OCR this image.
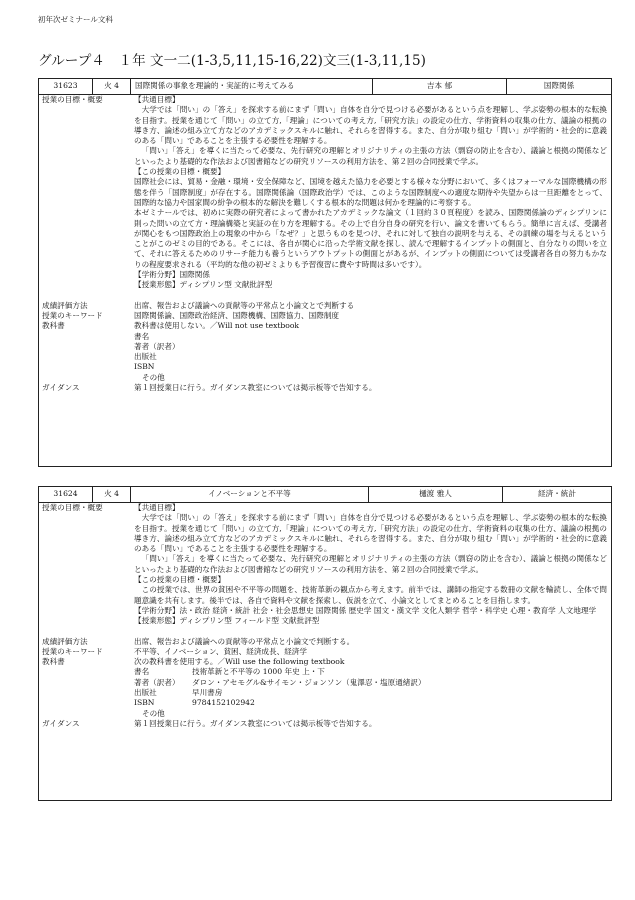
初年次ゼミナール文科
グループ４　１年 文一二(1-3,5,11,15-16,22)文三(1-3,11,15)
31623	火 4	国際関係の事象を理論的・実証的に考えてみる	吉本 郁	国際関係
授業の目標・概要	【共通目標】
大学では「問い」の「答え」を探求する前にまず「問い」自体を自分で見つける必要があるという点を理解し、学ぶ姿勢の根本的な転換を目指す。授業を通じて「問い」の立て方,「理論」についての考え方,「研究方法」の設定の仕方、学術資料の収集の仕方、議論の根拠の導き方、論述の組み立て方などのアカデミックスキルに触れ、それらを習得する。また、自分が取り組む「問い」が学術的・社会的に意義のある「問い」であることを主張する必要性を理解する。
「問い」「答え」を導くに当たって必要な、先行研究の理解とオリジナリティの主張の方法（剽窃の防止を含む）、議論と根拠の関係などといったより基礎的な作法および図書館などの研究リソースの利用方法を、第２回の合同授業で学ぶ。
【この授業の目標・概要】
国際社会には、貿易・金融・環境・安全保障など、国境を越えた協力を必要とする様々な分野において、多くはフォーマルな国際機構の形態を伴う「国際制度」が存在する。国際関係論（国際政治学）では、このような国際制度への適度な期待や失望からは一旦距離をとって、国際的な協力や国家間の紛争の根本的な解決を難しくする根本的な問題は何かを理論的に考察する。
本ゼミナールでは、初めに実際の研究者によって書かれたアカデミックな論文（１回約３０頁程度）を読み、国際関係論のディシプリンに則った問いの立て方・理論構築と実証の在り方を理解する。その上で自分自身の研究を行い、論文を書いてもらう。簡単に言えば、受講者が関心をもつ国際政治上の現象の中から「なぜ？」と思うものを見つけ、それに対して独自の説明を与える、その訓練の場を与えるということがこのゼミの目的である。そこには、各自が関心に沿った学術文献を探し、読んで理解するインプットの側面と、自分なりの問いを立て、それに答えるためのリサーチ能力も養うというアウトプットの側面とがあるが、インプットの側面については受講者各自の努力もかなりの程度要求される（平均的な他の初ゼミよりも予習復習に費やす時間は多いです）。
【学術分野】国際関係
【授業形態】ディシプリン型 文献批評型
成績評価方法	出席、報告および議論への貢献等の平常点と小論文とで判断する
授業のキーワード	国際関係論、国際政治経済、国際機構、国際協力、国際制度
教科書	教科書は使用しない。／Will not use textbook
書名
著者（訳者）
出版社
ISBN
その他
ガイダンス	第１回授業日に行う。ガイダンス教室については掲示板等で告知する。
31624	火 4	イノベーションと不平等	樋渡 雅人	経済・統計
授業の目標・概要	【共通目標】
大学では「問い」の「答え」を探求する前にまず「問い」自体を自分で見つける必要があるという点を理解し、学ぶ姿勢の根本的な転換を目指す。授業を通じて「問い」の立て方,「理論」についての考え方,「研究方法」の設定の仕方、学術資料の収集の仕方、議論の根拠の導き方、論述の組み立て方などのアカデミックスキルに触れ、それらを習得する。また、自分が取り組む「問い」が学術的・社会的に意義のある「問い」であることを主張する必要性を理解する。
「問い」「答え」を導くに当たって必要な、先行研究の理解とオリジナリティの主張の方法（剽窃の防止を含む）、議論と根拠の関係などといったより基礎的な作法および図書館などの研究リソースの利用方法を、第２回の合同授業で学ぶ。
【この授業の目標・概要】
この授業では、世界の貧困や不平等の問題を、技術革新の観点から考えます。前半では、講師の指定する数冊の文献を輪読し、全体で問題意識を共有します。後半では、各自で資料や文献を探索し、仮説を立て、小論文としてまとめることを目指します。
【学術分野】法・政治 経済・統計 社会・社会思想史 国際関係 歴史学 国文・漢文学 文化人類学 哲学・科学史 心理・教育学 人文地理学
【授業形態】ディシプリン型 フィールド型 文献批評型
成績評価方法	出席、報告および議論への貢献等の平常点と小論文で判断する。
授業のキーワード	不平等、イノベーション、貧困、経済成長、経済学
教科書	次の教科書を使用する。／Will use the following textbook
書名	技術革新と不平等の 1000 年史 上・下
著者（訳者）	ダロン・アセモグル&サイモン・ジョンソン（鬼澤忍・塩原通緒訳）
出版社	早川書房
ISBN	9784152102942
その他
ガイダンス	第１回授業日に行う。ガイダンス教室については掲示板等で告知する。
